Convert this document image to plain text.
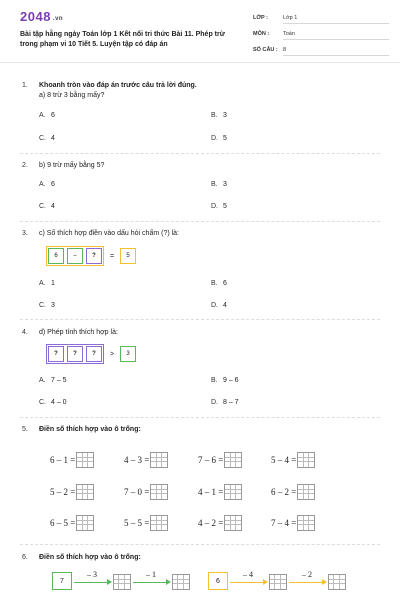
2048 .vn
Bài tập hằng ngày Toán lớp 1 Kết nối tri thức Bài 11. Phép trừ trong phạm vi 10 Tiết 5. Luyện tập có đáp án
LỚP :	Lớp 1
MÔN :	Toán
SỐ CÂU : 8
1. Khoanh tròn vào đáp án trước câu trả lời đúng.
a) 8 trừ 3 bằng mấy?
A. 6	B. 3
C. 4	D. 5
2. b) 9 trừ mấy bằng 5?
A. 6	B. 3
C. 4	D. 5
3. c) Số thích hợp điền vào dấu hỏi chấm (?) là:
6	–	?	=	5
A. 1	B. 6
C. 3	D. 4
4. d) Phép tính thích hợp là:
?	?	?	>	3
A. 7 – 5	B. 9 – 6
C. 4 – 0	D. 8 – 7
5. Điền số thích hợp vào ô trống:
6 – 1 =	4 – 3 =	7 – 6 =	5 – 4 =
5 – 2 =	7 – 0 =	4 – 1 =	6 – 2 =
6 – 5 =	5 – 5 =	4 – 2 =	7 – 4 =
6. Điền số thích hợp vào ô trống:
7
– 3	– 1
6
– 4	– 2
